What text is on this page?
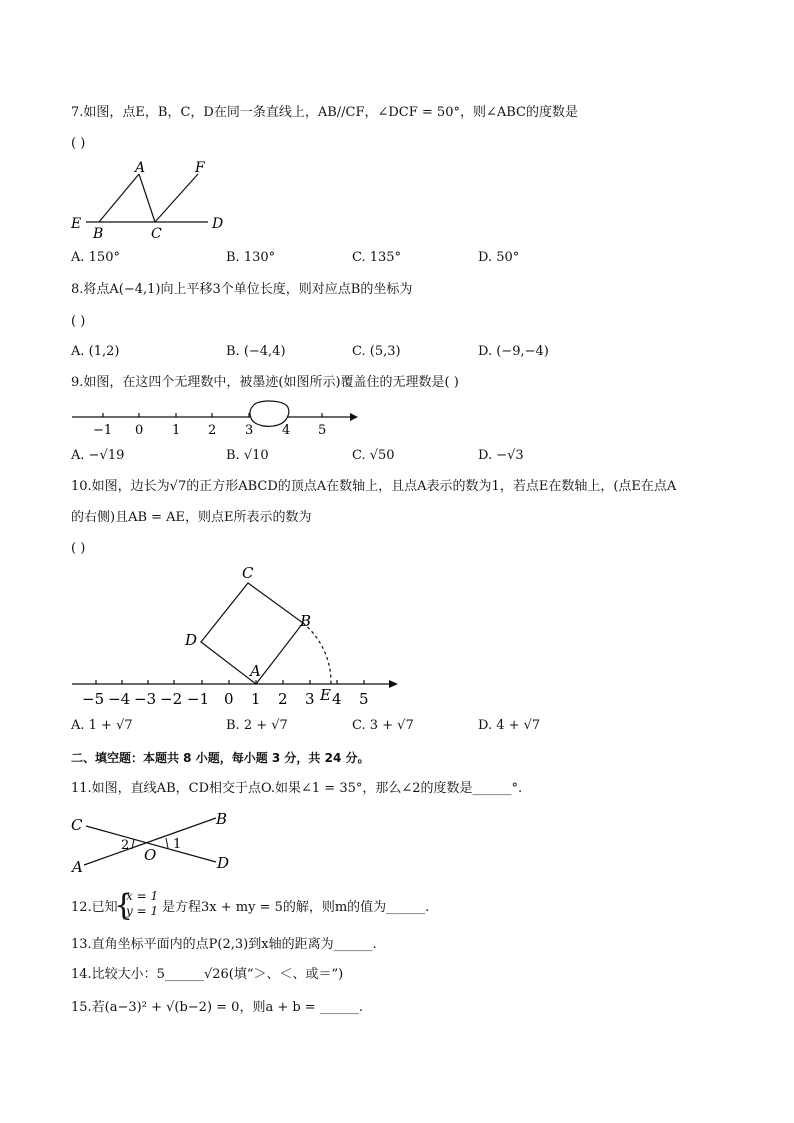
7.如图，点E，B，C，D在同一条直线上，AB//CF，∠DCF = 50°，则∠ABC的度数是
( )
A	F
E
B	C
D
A. 150°	B. 130°	C. 135°	D. 50°
8.将点A(−4,1)向上平移3个单位长度，则对应点B的坐标为
( )
A. (1,2)	B. (−4,4)	C. (5,3)	D. (−9,−4)
9.如图，在这四个无理数中，被墨迹(如图所示)覆盖住的无理数是( )
−1 0 1 2 3 4 5
A. −√19	B. √10	C. √50	D. −√3
10.如图，边长为√7的正方形ABCD的顶点A在数轴上，且点A表示的数为1，若点E在数轴上，(点E在点A
的右侧)且AB = AE，则点E所表示的数为
( )
C
B
D
A
E
−5 −4 −3 −2 −1 0 1 2 3 4 5
A. 1 + √7	B. 2 + √7	C. 3 + √7	D. 4 + √7
二、填空题：本题共 8 小题，每小题 3 分，共 24 分。
11.如图，直线AB，CD相交于点O.如果∠1 = 35°，那么∠2的度数是______°.
C	B
A	D
O
1
2
12.已知
{
x = 1
y = 1 是方程3x + my = 5的解，则m的值为______.
13.直角坐标平面内的点P(2,3)到x轴的距离为______.
14.比较大小：5______√26(填“＞、＜、或＝”)
15.若(a−3)² + √(b−2) = 0，则a + b = ______.
